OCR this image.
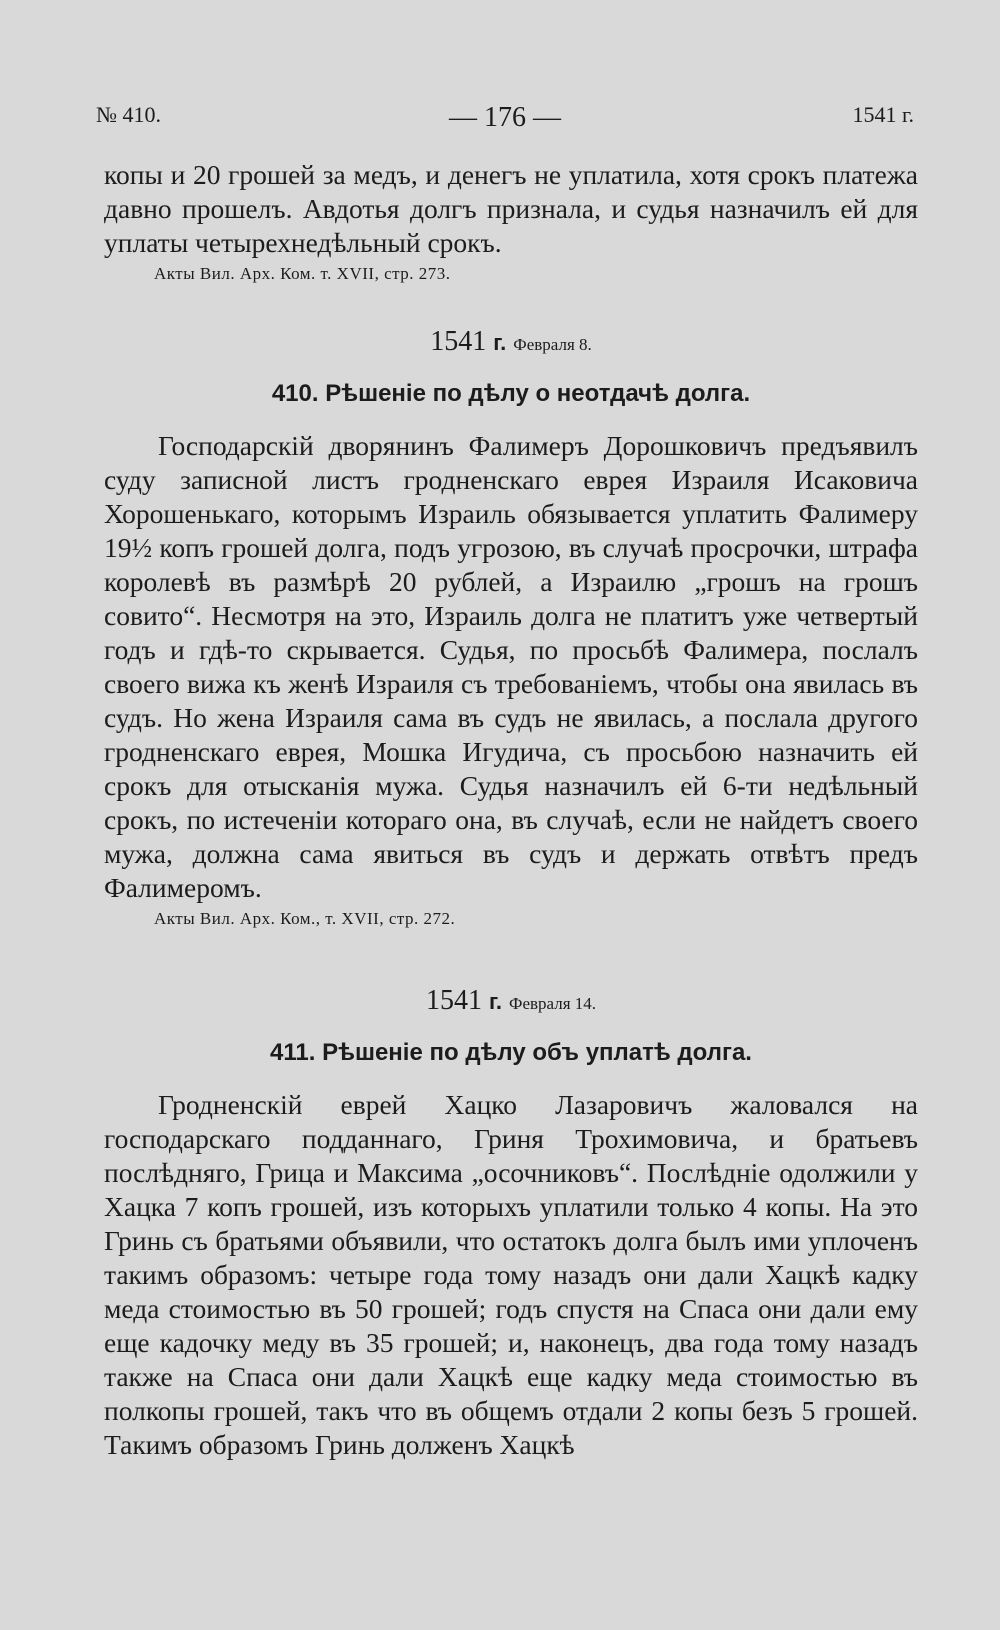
№ 410.	— 176 —	1541 г.

копы и 20 грошей за медъ, и денегъ не уплатила, хотя срокъ платежа давно прошелъ. Авдотья долгъ признала, и судья назначилъ ей для уплаты четырехнедѣльный срокъ.

Акты Вил. Арх. Ком. т. XVII, стр. 273.
1541 г. Февраля 8.
410. Рѣшеніе по дѣлу о неотдачѣ долга.

Господарскій дворянинъ Фалимеръ Дорошковичъ предъявилъ суду записной листъ гродненскаго еврея Израиля Исаковича Хорошенькаго, которымъ Израиль обязывается уплатить Фалимеру 19½ копъ грошей долга, подъ угрозою, въ случаѣ просрочки, штрафа королевѣ въ размѣрѣ 20 рублей, а Израилю „грошъ на грошъ совито“. Несмотря на это, Израиль долга не платитъ уже четвертый годъ и гдѣ-то скрывается. Судья, по просьбѣ Фалимера, послалъ своего вижа къ женѣ Израиля съ требованіемъ, чтобы она явилась въ судъ. Но жена Израиля сама въ судъ не явилась, а послала другого гродненскаго еврея, Мошка Игудича, съ просьбою назначить ей срокъ для отысканія мужа. Судья назначилъ ей 6-ти недѣльный срокъ, по истеченіи котораго она, въ случаѣ, если не найдетъ своего мужа, должна сама явиться въ судъ и держать отвѣтъ предъ Фалимеромъ.

Акты Вил. Арх. Ком., т. XVII, стр. 272.
1541 г. Февраля 14.
411. Рѣшеніе по дѣлу объ уплатѣ долга.

Гродненскій еврей Хацко Лазаровичъ жаловался на господарскаго подданнаго, Гриня Трохимовича, и братьевъ послѣдняго, Грица и Максима „осочниковъ“. Послѣдніе одолжили у Хацка 7 копъ грошей, изъ которыхъ уплатили только 4 копы. На это Гринь съ братьями объявили, что остатокъ долга былъ ими уплоченъ такимъ образомъ: четыре года тому назадъ они дали Хацкѣ кадку меда стоимостью въ 50 грошей; годъ спустя на Спаса они дали ему еще кадочку меду въ 35 грошей; и, наконецъ, два года тому назадъ также на Спаса они дали Хацкѣ еще кадку меда стоимостью въ полкопы грошей, такъ что въ общемъ отдали 2 копы безъ 5 грошей. Такимъ образомъ Гринь долженъ Хацкѣ
